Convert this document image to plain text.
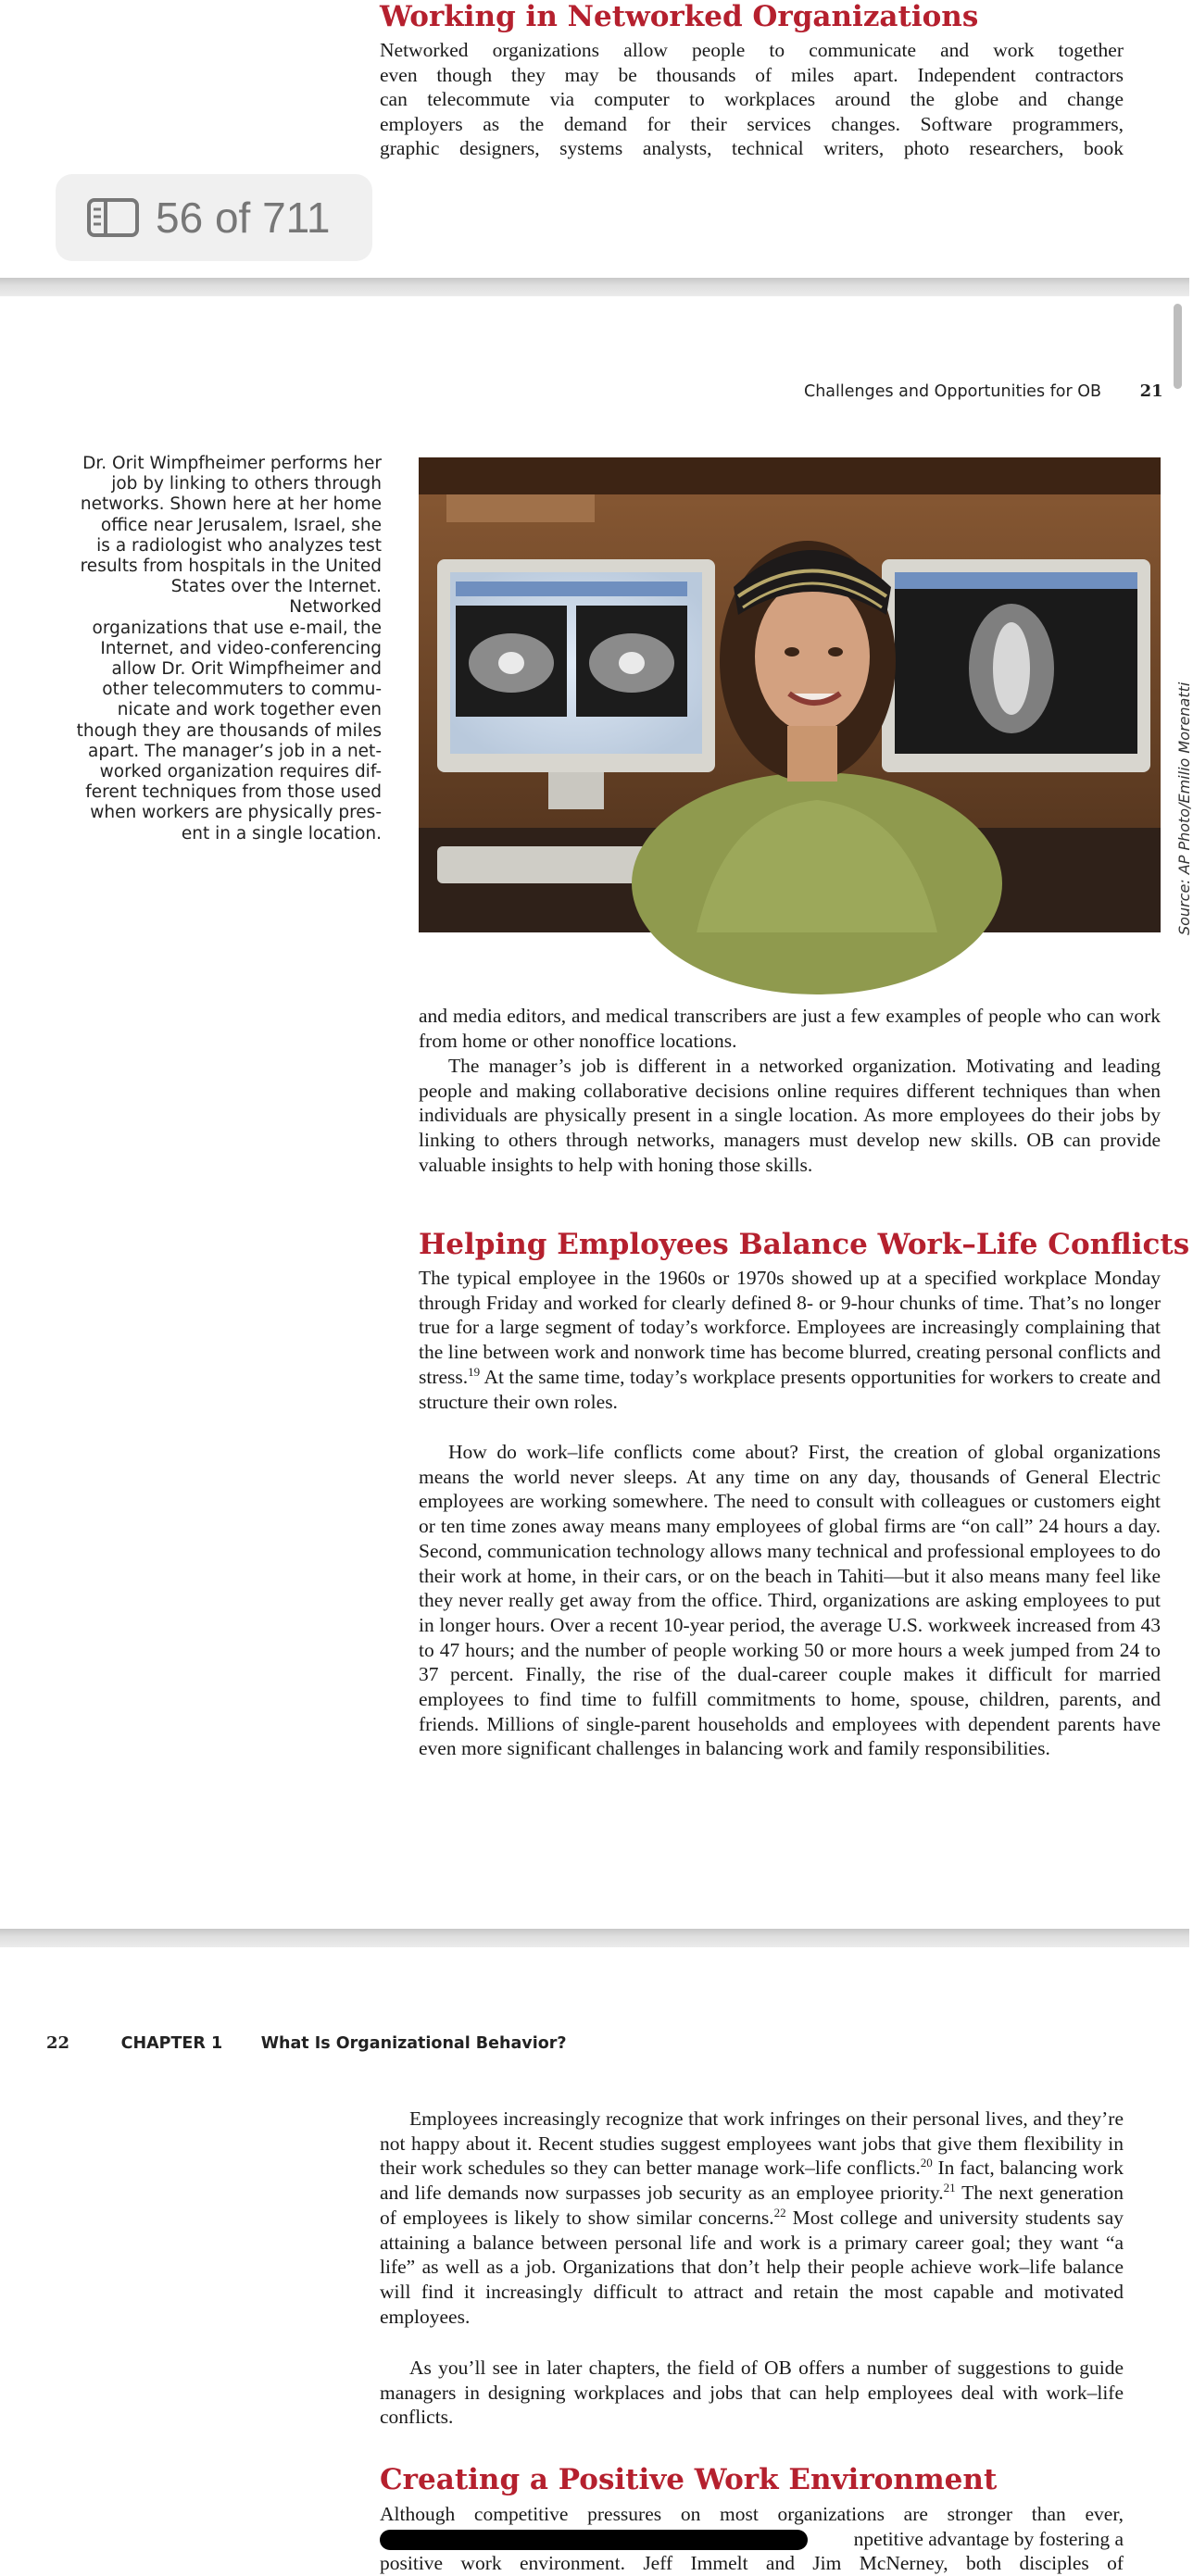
Working in Networked Organizations
Networked organizations allow people to communicate and work together
even though they may be thousands of miles apart. Independent contractors
can telecommute via computer to workplaces around the globe and change
employers as the demand for their services changes. Software programmers,
graphic designers, systems analysts, technical writers, photo researchers, book
56 of 711
Challenges and Opportunities for OB 21
Dr. Orit Wimpfheimer performs her
job by linking to others through
networks. Shown here at her home
office near Jerusalem, Israel, she
is a radiologist who analyzes test
results from hospitals in the United
States over the Internet. Networked
organizations that use e-mail, the
Internet, and video-conferencing
allow Dr. Orit Wimpfheimer and
other telecommuters to commu-
nicate and work together even
though they are thousands of miles
apart. The manager’s job in a net-
worked organization requires dif-
ferent techniques from those used
when workers are physically pres-
ent in a single location.	Source: AP Photo/Emilio Morenatti

and media editors, and medical transcribers are just a few examples of people who can work from home or other nonoffice locations.

The manager’s job is different in a networked organization. Motivating and leading people and making collaborative decisions online requires different techniques than when individuals are physically present in a single location. As more employees do their jobs by linking to others through networks, managers must develop new skills. OB can provide valuable insights to help with honing those skills.

Helping Employees Balance Work–Life Conflicts

The typical employee in the 1960s or 1970s showed up at a specified workplace Monday through Friday and worked for clearly defined 8- or 9-hour chunks of time. That’s no longer true for a large segment of today’s workforce. Employees are increasingly complaining that the line between work and nonwork time has become blurred, creating personal conflicts and stress.$^{19}$ At the same time, today’s workplace presents opportunities for workers to create and structure their own roles.

How do work–life conflicts come about? First, the creation of global organizations means the world never sleeps. At any time on any day, thousands of General Electric employees are working somewhere. The need to consult with colleagues or customers eight or ten time zones away means many employees of global firms are “on call” 24 hours a day. Second, communication technology allows many technical and professional employees to do their work at home, in their cars, or on the beach in Tahiti—but it also means many feel like they never really get away from the office. Third, organizations are asking employees to put in longer hours. Over a recent 10-year period, the average U.S. workweek increased from 43 to 47 hours; and the number of people working 50 or more hours a week jumped from 24 to 37 percent. Finally, the rise of the dual-career couple makes it difficult for married employees to find time to fulfill commitments to home, spouse, children, parents, and friends. Millions of single-parent households and employees with dependent parents have even more significant challenges in balancing work and family responsibilities.

22	CHAPTER 1 What Is Organizational Behavior?

Employees increasingly recognize that work infringes on their personal lives, and they’re not happy about it. Recent studies suggest employees want jobs that give them flexibility in their work schedules so they can better manage work–life conflicts.$^{20}$ In fact, balancing work and life demands now surpasses job security as an employee priority.$^{21}$ The next generation of employees is likely to show similar concerns.$^{22}$ Most college and university students say attaining a balance between personal life and work is a primary career goal; they want “a life” as well as a job. Organizations that don’t help their people achieve work–life balance will find it increasingly difficult to attract and retain the most capable and motivated employees.

As you’ll see in later chapters, the field of OB offers a number of suggestions to guide managers in designing workplaces and jobs that can help employees deal with work–life conflicts.

Creating a Positive Work Environment
Although competitive pressures on most organizations are stronger than ever,
npetitive advantage by fostering a
positive work environment. Jeff Immelt and Jim McNerney, both disciples of
